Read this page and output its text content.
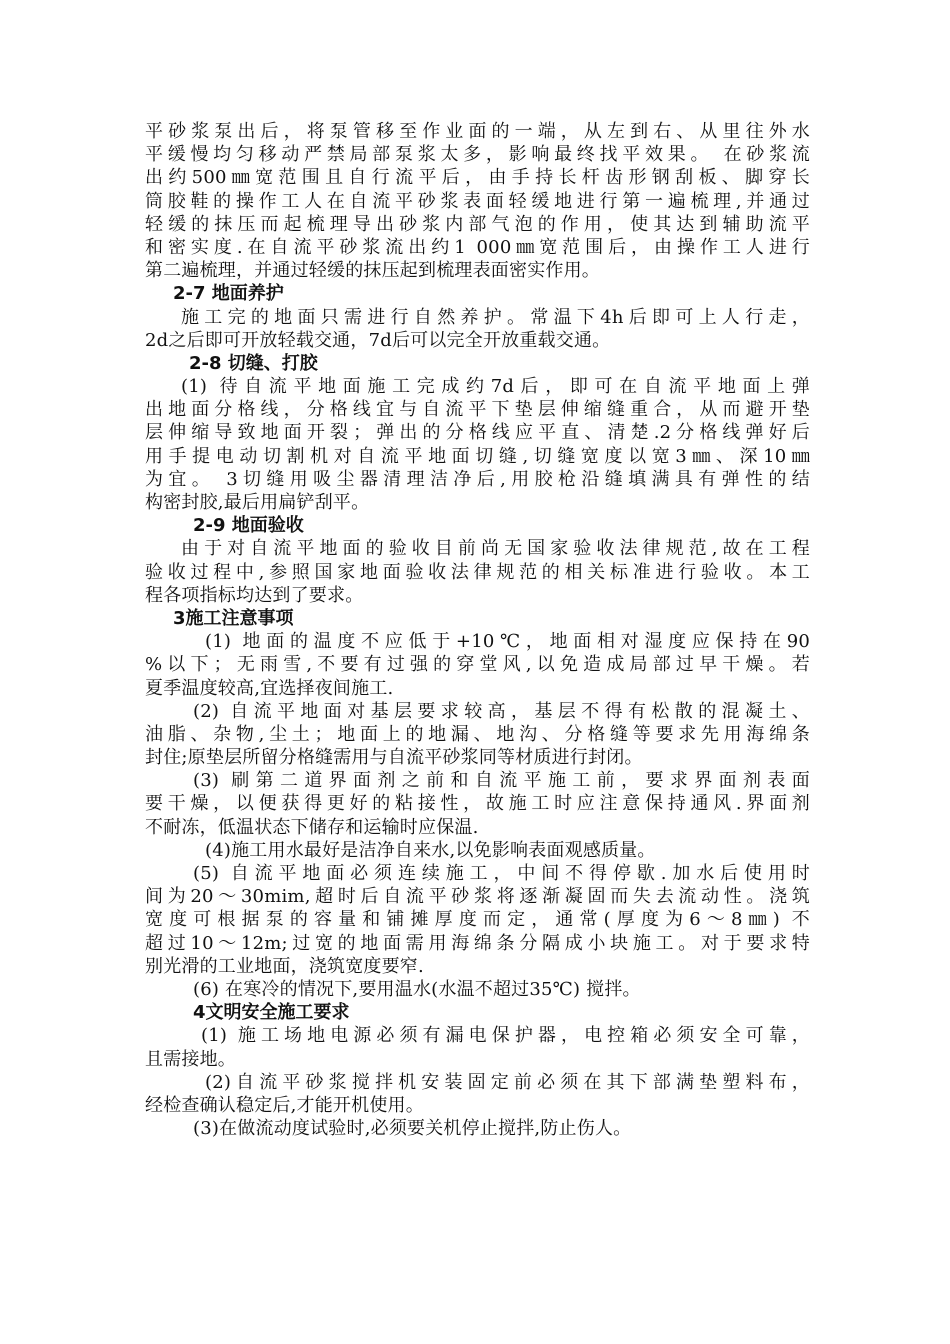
平砂浆泵出后，将泵管移至作业面的一端，从左到右、从里往外水
平缓慢均匀移动严禁局部泵浆太多，影响最终找平效果。 在砂浆流
出约500㎜宽范围且自行流平后，由手持长杆齿形钢刮板、脚穿长
筒胶鞋的操作工人在自流平砂浆表面轻缓地进行第一遍梳理,并通过
轻缓的抹压而起梳理导出砂浆内部气泡的作用，使其达到辅助流平
和密实度.在自流平砂浆流出约1 000㎜宽范围后，由操作工人进行
第二遍梳理，并通过轻缓的抹压起到梳理表面密实作用。
2-7 地面养护
施工完的地面只需进行自然养护。常温下4h后即可上人行走，
2d之后即可开放轻载交通，7d后可以完全开放重载交通。
2-8 切缝、打胶
(1) 待自流平地面施工完成约7d后，即可在自流平地面上弹
出地面分格线，分格线宜与自流平下垫层伸缩缝重合，从而避开垫
层伸缩导致地面开裂；弹出的分格线应平直、清楚.2分格线弹好后
用手提电动切割机对自流平地面切缝,切缝宽度以宽3㎜、深10㎜
为宜。 3切缝用吸尘器清理洁净后,用胶枪沿缝填满具有弹性的结
构密封胶,最后用扁铲刮平。
2-9 地面验收
由于对自流平地面的验收目前尚无国家验收法律规范,故在工程
验收过程中,参照国家地面验收法律规范的相关标准进行验收。本工
程各项指标均达到了要求。
3施工注意事项
(1) 地面的温度不应低于+10℃，地面相对湿度应保持在90
%以下；无雨雪,不要有过强的穿堂风,以免造成局部过早干燥。若
夏季温度较高,宜选择夜间施工.
(2) 自流平地面对基层要求较高，基层不得有松散的混凝土、
油脂、杂物,尘土；地面上的地漏、地沟、分格缝等要求先用海绵条
封住;原垫层所留分格缝需用与自流平砂浆同等材质进行封闭。
(3) 刷第二道界面剂之前和自流平施工前，要求界面剂表面
要干燥，以便获得更好的粘接性，故施工时应注意保持通风.界面剂
不耐冻，低温状态下储存和运输时应保温.
(4)施工用水最好是洁净自来水,以免影响表面观感质量。
(5) 自流平地面必须连续施工，中间不得停歇.加水后使用时
间为20～30mim,超时后自流平砂浆将逐渐凝固而失去流动性。浇筑
宽度可根据泵的容量和铺摊厚度而定，通常(厚度为6～8㎜) 不
超过10～12m;过宽的地面需用海绵条分隔成小块施工。对于要求特
别光滑的工业地面，浇筑宽度要窄.
(6) 在寒冷的情况下,要用温水(水温不超过35℃) 搅拌。
4文明安全施工要求
(1) 施工场地电源必须有漏电保护器，电控箱必须安全可靠，
且需接地。
(2)自流平砂浆搅拌机安装固定前必须在其下部满垫塑料布，
经检查确认稳定后,才能开机使用。
(3)在做流动度试验时,必须要关机停止搅拌,防止伤人。
